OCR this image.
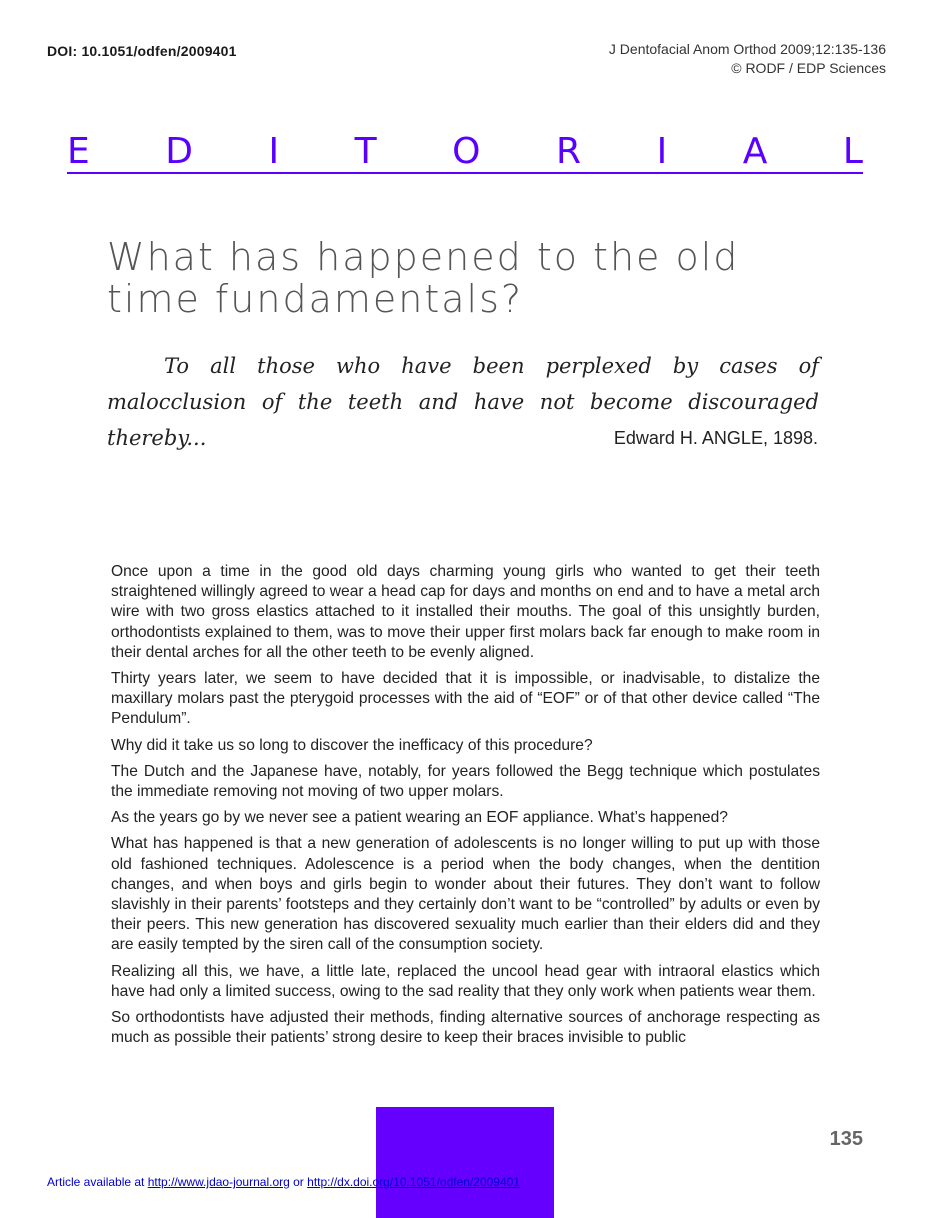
DOI: 10.1051/odfen/2009401	J Dentofacial Anom Orthod 2009;12:135-136
© RODF / EDP Sciences
E D I T O R I A L
What has happened to the old
time fundamentals?

To all those who have been perplexed by cases of malocclusion of the teeth and have not become discouraged thereby...	Edward H. ANGLE, 1898.

Once upon a time in the good old days charming young girls who wanted to get their teeth straightened willingly agreed to wear a head cap for days and months on end and to have a metal arch wire with two gross elastics attached to it installed their mouths. The goal of this unsightly burden, orthodontists explained to them, was to move their upper first molars back far enough to make room in their dental arches for all the other teeth to be evenly aligned.

Thirty years later, we seem to have decided that it is impossible, or inadvisable, to distalize the maxillary molars past the pterygoid processes with the aid of “EOF” or of that other device called “The Pendulum”.

Why did it take us so long to discover the inefficacy of this procedure?

The Dutch and the Japanese have, notably, for years followed the Begg technique which postulates the immediate removing not moving of two upper molars.

As the years go by we never see a patient wearing an EOF appliance. What’s happened?

What has happened is that a new generation of adolescents is no longer willing to put up with those old fashioned techniques. Adolescence is a period when the body changes, when the dentition changes, and when boys and girls begin to wonder about their futures. They don’t want to follow slavishly in their parents’ footsteps and they certainly don’t want to be “controlled” by adults or even by their peers. This new generation has discovered sexuality much earlier than their elders did and they are easily tempted by the siren call of the consumption society.

Realizing all this, we have, a little late, replaced the uncool head gear with intraoral elastics which have had only a limited success, owing to the sad reality that they only work when patients wear them.

So orthodontists have adjusted their methods, finding alternative sources of anchorage respecting as much as possible their patients’ strong desire to keep their braces invisible to public

135
Article available at http://www.jdao-journal.org or http://dx.doi.org/10.1051/odfen/2009401
